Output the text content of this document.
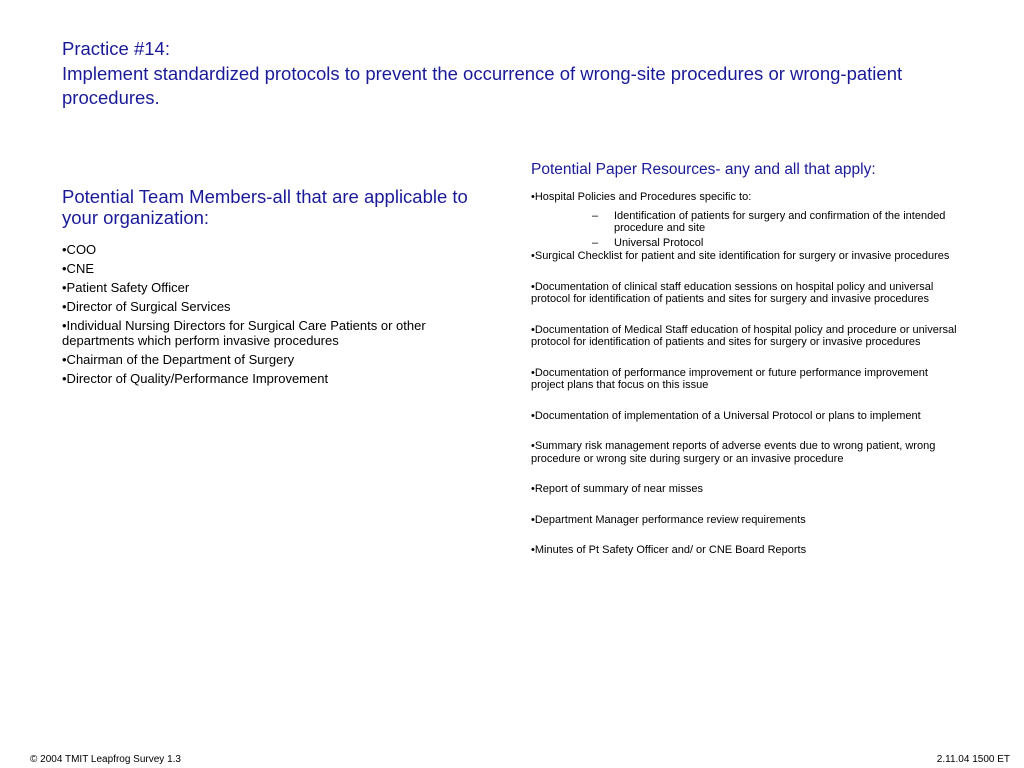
Practice #14:
Implement standardized protocols to prevent the occurrence of wrong-site procedures or wrong-patient procedures.
Potential Team Members-all that are applicable to your organization:
•COO
•CNE
•Patient Safety Officer
•Director of Surgical Services
•Individual Nursing Directors for Surgical Care Patients or other departments which perform invasive procedures
•Chairman of the Department of Surgery
•Director of Quality/Performance Improvement
Potential Paper Resources- any and all that apply:
•Hospital Policies and Procedures specific to:
– Identification of patients for surgery and confirmation of the intended procedure and site
– Universal Protocol
•Surgical Checklist for patient and site identification for surgery or invasive procedures
•Documentation of clinical staff education sessions on hospital policy and universal protocol for identification of patients and sites for surgery and invasive procedures
•Documentation of Medical Staff education of hospital policy and procedure or universal protocol for identification of patients and sites for surgery or invasive procedures
•Documentation of performance improvement or future performance improvement project plans that focus on this issue
•Documentation of implementation of a Universal Protocol or plans to implement
•Summary risk management reports of adverse events due to wrong patient, wrong procedure or wrong site during surgery or an invasive procedure
•Report of summary of near misses
•Department Manager performance review requirements
•Minutes of Pt Safety Officer and/ or CNE Board Reports
© 2004 TMIT Leapfrog Survey 1.3	2.11.04 1500 ET
